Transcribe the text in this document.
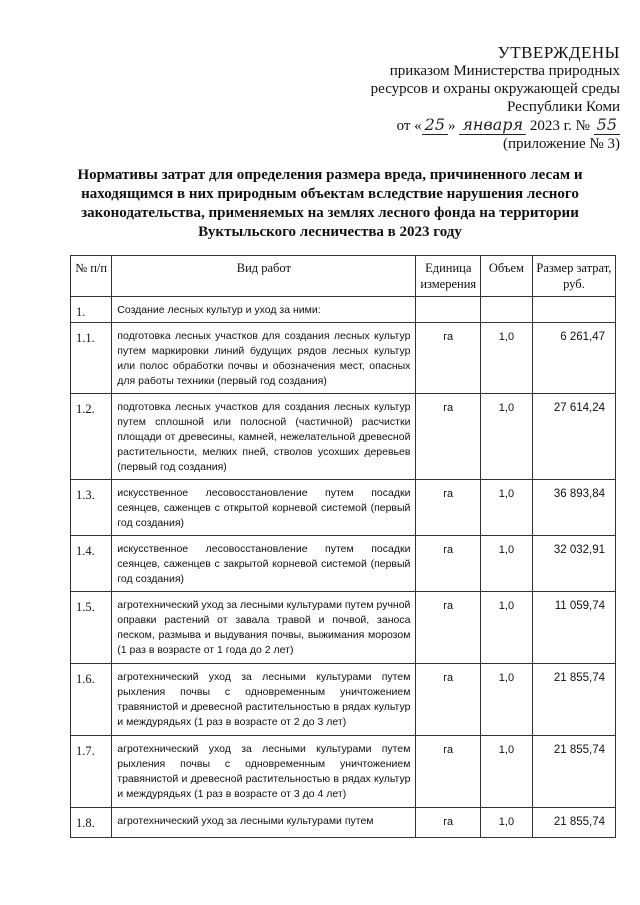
УТВЕРЖДЕНЫ
приказом Министерства природных
ресурсов и охраны окружающей среды
Республики Коми
от « 25 » января 2023 г. № 55
(приложение № 3)
Нормативы затрат для определения размера вреда, причиненного лесам и находящимся в них природным объектам вследствие нарушения лесного законодательства, применяемых на землях лесного фонда на территории Вуктыльского лесничества в 2023 году
№ п/п	Вид работ	Единица измерения	Объем	Размер затрат, руб.
1.	Создание лесных культур и уход за ними:			
1.1.	подготовка лесных участков для создания лесных культур путем маркировки линий будущих рядов лесных культур или полос обработки почвы и обозначения мест, опасных для работы техники (первый год создания)	га	1,0	6 261,47
1.2.	подготовка лесных участков для создания лесных культур путем сплошной или полосной (частичной) расчистки площади от древесины, камней, нежелательной древесной растительности, мелких пней, стволов усохших деревьев (первый год создания)	га	1,0	27 614,24
1.3.	искусственное лесовосстановление путем посадки сеянцев, саженцев с открытой корневой системой (первый год создания)	га	1,0	36 893,84
1.4.	искусственное лесовосстановление путем посадки сеянцев, саженцев с закрытой корневой системой (первый год создания)	га	1,0	32 032,91
1.5.	агротехнический уход за лесными культурами путем ручной оправки растений от завала травой и почвой, заноса песком, размыва и выдувания почвы, выжимания морозом (1 раз в возрасте от 1 года до 2 лет)	га	1,0	11 059,74
1.6.	агротехнический уход за лесными культурами путем рыхления почвы с одновременным уничтожением травянистой и древесной растительностью в рядах культур и междурядьях (1 раз в возрасте от 2 до 3 лет)	га	1,0	21 855,74
1.7.	агротехнический уход за лесными культурами путем рыхления почвы с одновременным уничтожением травянистой и древесной растительностью в рядах культур и междурядьях (1 раз в возрасте от 3 до 4 лет)	га	1,0	21 855,74
1.8.	агротехнический уход за лесными культурами путем	га	1,0	21 855,74
